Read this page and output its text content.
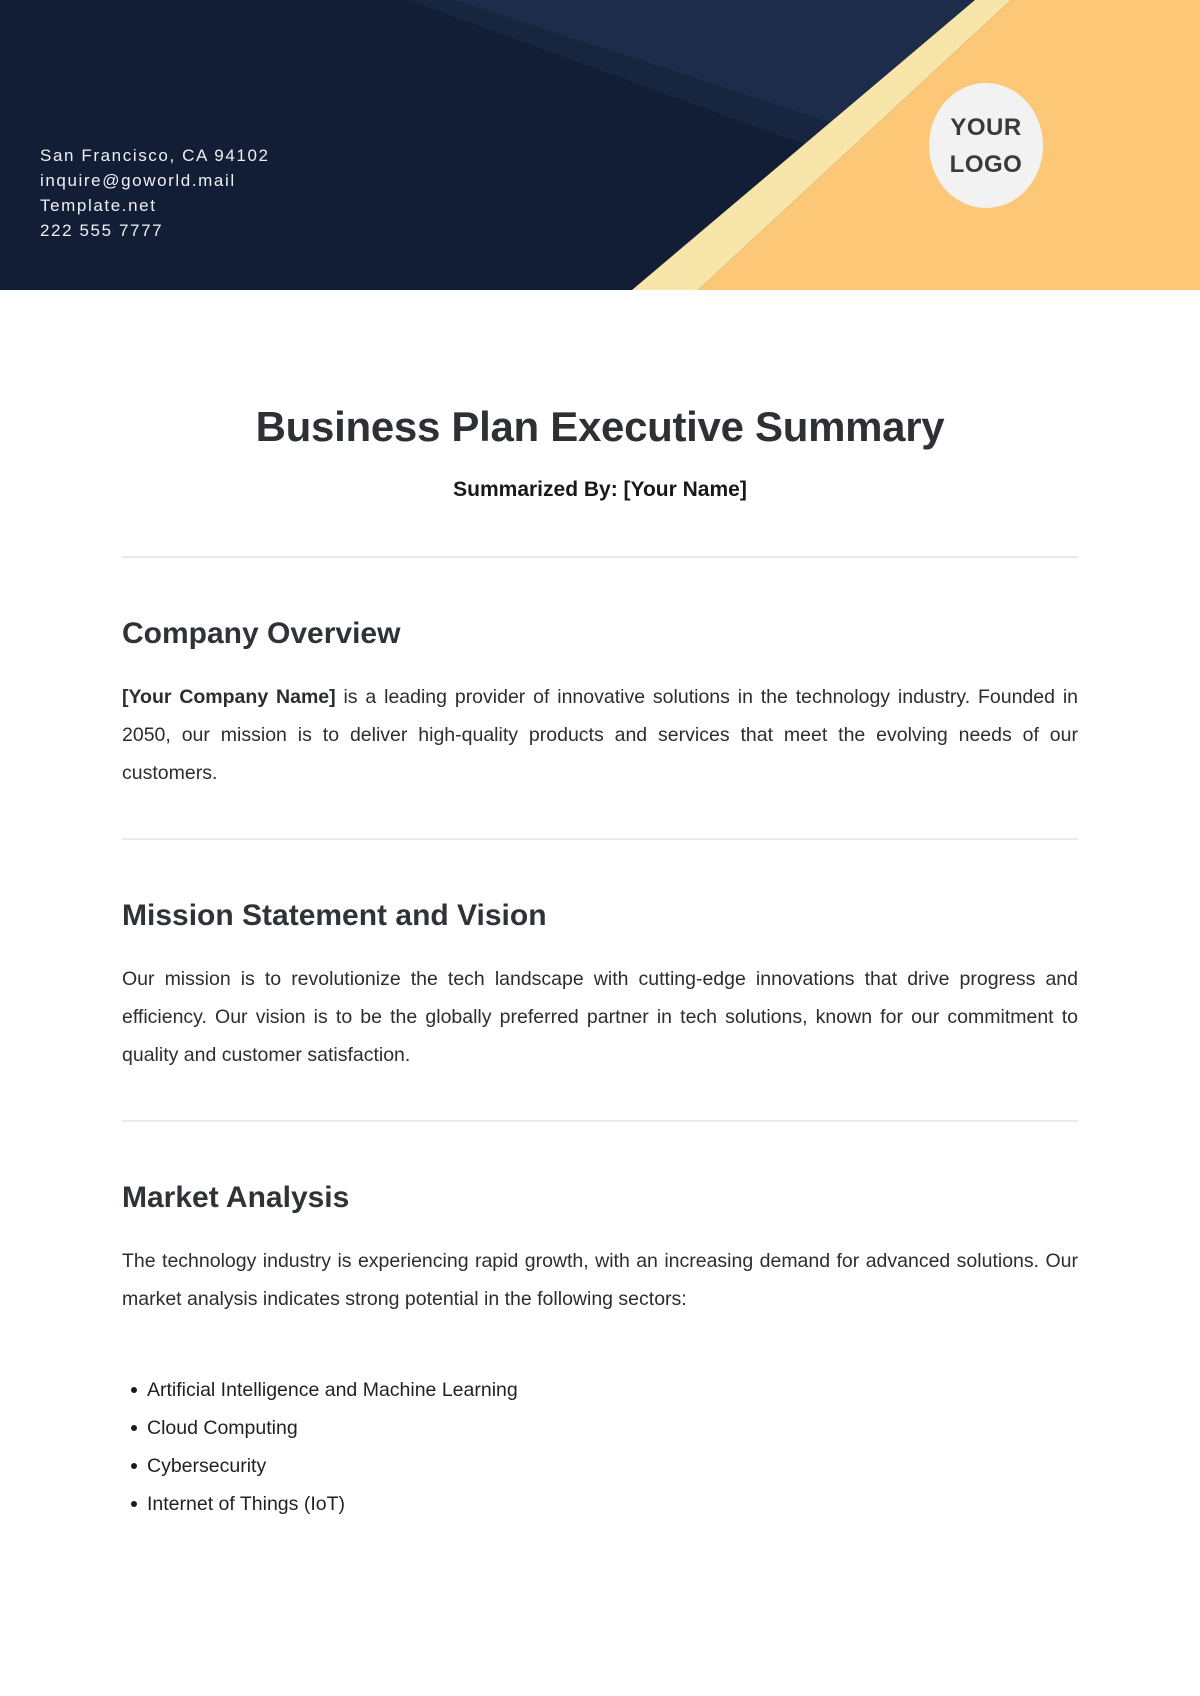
San Francisco, CA 94102
inquire@goworld.mail
Template.net
222 555 7777
YOUR
LOGO
Business Plan Executive Summary
Summarized By: [Your Name]
Company Overview

[Your Company Name] is a leading provider of innovative solutions in the technology industry. Founded in 2050, our mission is to deliver high-quality products and services that meet the evolving needs of our customers.

Mission Statement and Vision

Our mission is to revolutionize the tech landscape with cutting-edge innovations that drive progress and efficiency. Our vision is to be the globally preferred partner in tech solutions, known for our commitment to quality and customer satisfaction.

Market Analysis

The technology industry is experiencing rapid growth, with an increasing demand for advanced solutions. Our market analysis indicates strong potential in the following sectors:

Artificial Intelligence and Machine Learning
Cloud Computing
Cybersecurity
Internet of Things (IoT)
